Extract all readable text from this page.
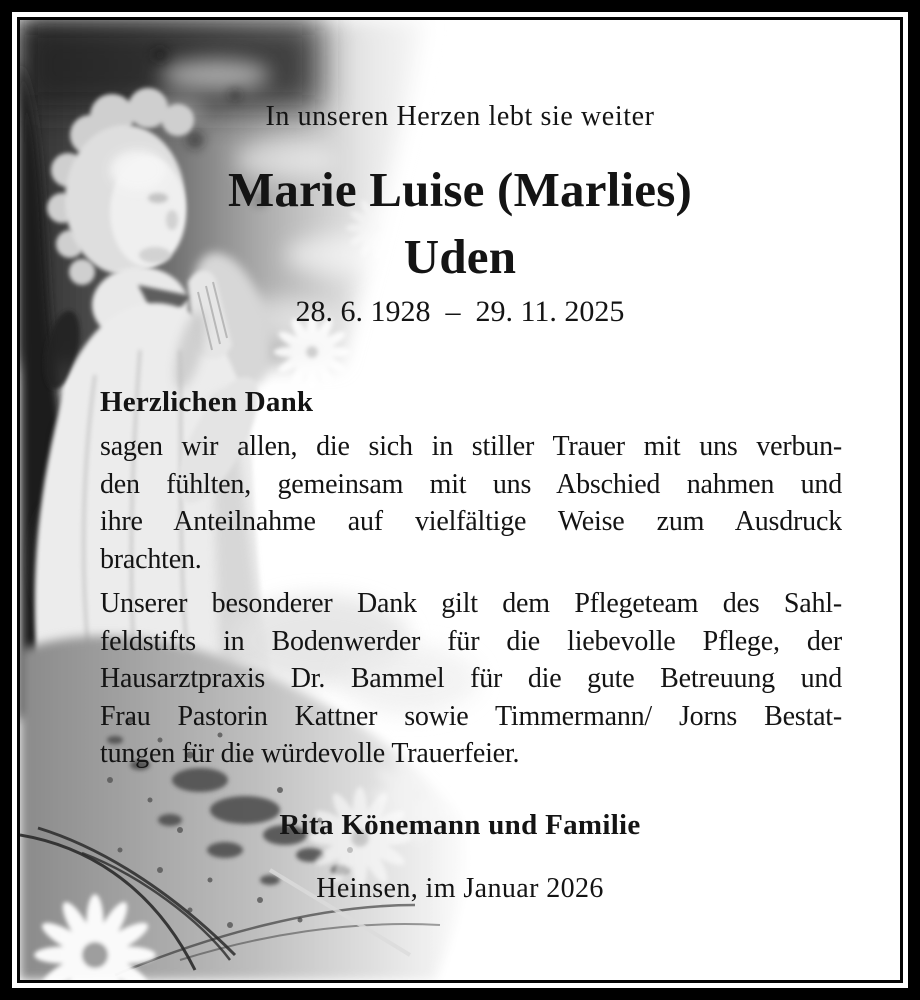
In unseren Herzen lebt sie weiter
Marie Luise (Marlies)
Uden
28. 6. 1928  –  29. 11. 2025
Herzlichen Dank
sagen wir allen, die sich in stiller Trauer mit uns verbun-
den fühlten, gemeinsam mit uns Abschied nahmen und
ihre Anteilnahme auf vielfältige Weise zum Ausdruck
brachten.
Unserer besonderer Dank gilt dem Pflegeteam des Sahl-
feldstifts in Bodenwerder für die liebevolle Pflege, der
Hausarztpraxis Dr. Bammel für die gute Betreuung und
Frau Pastorin Kattner sowie Timmermann/ Jorns Bestat-
tungen für die würdevolle Trauerfeier.
Rita Könemann und Familie
Heinsen, im Januar 2026
